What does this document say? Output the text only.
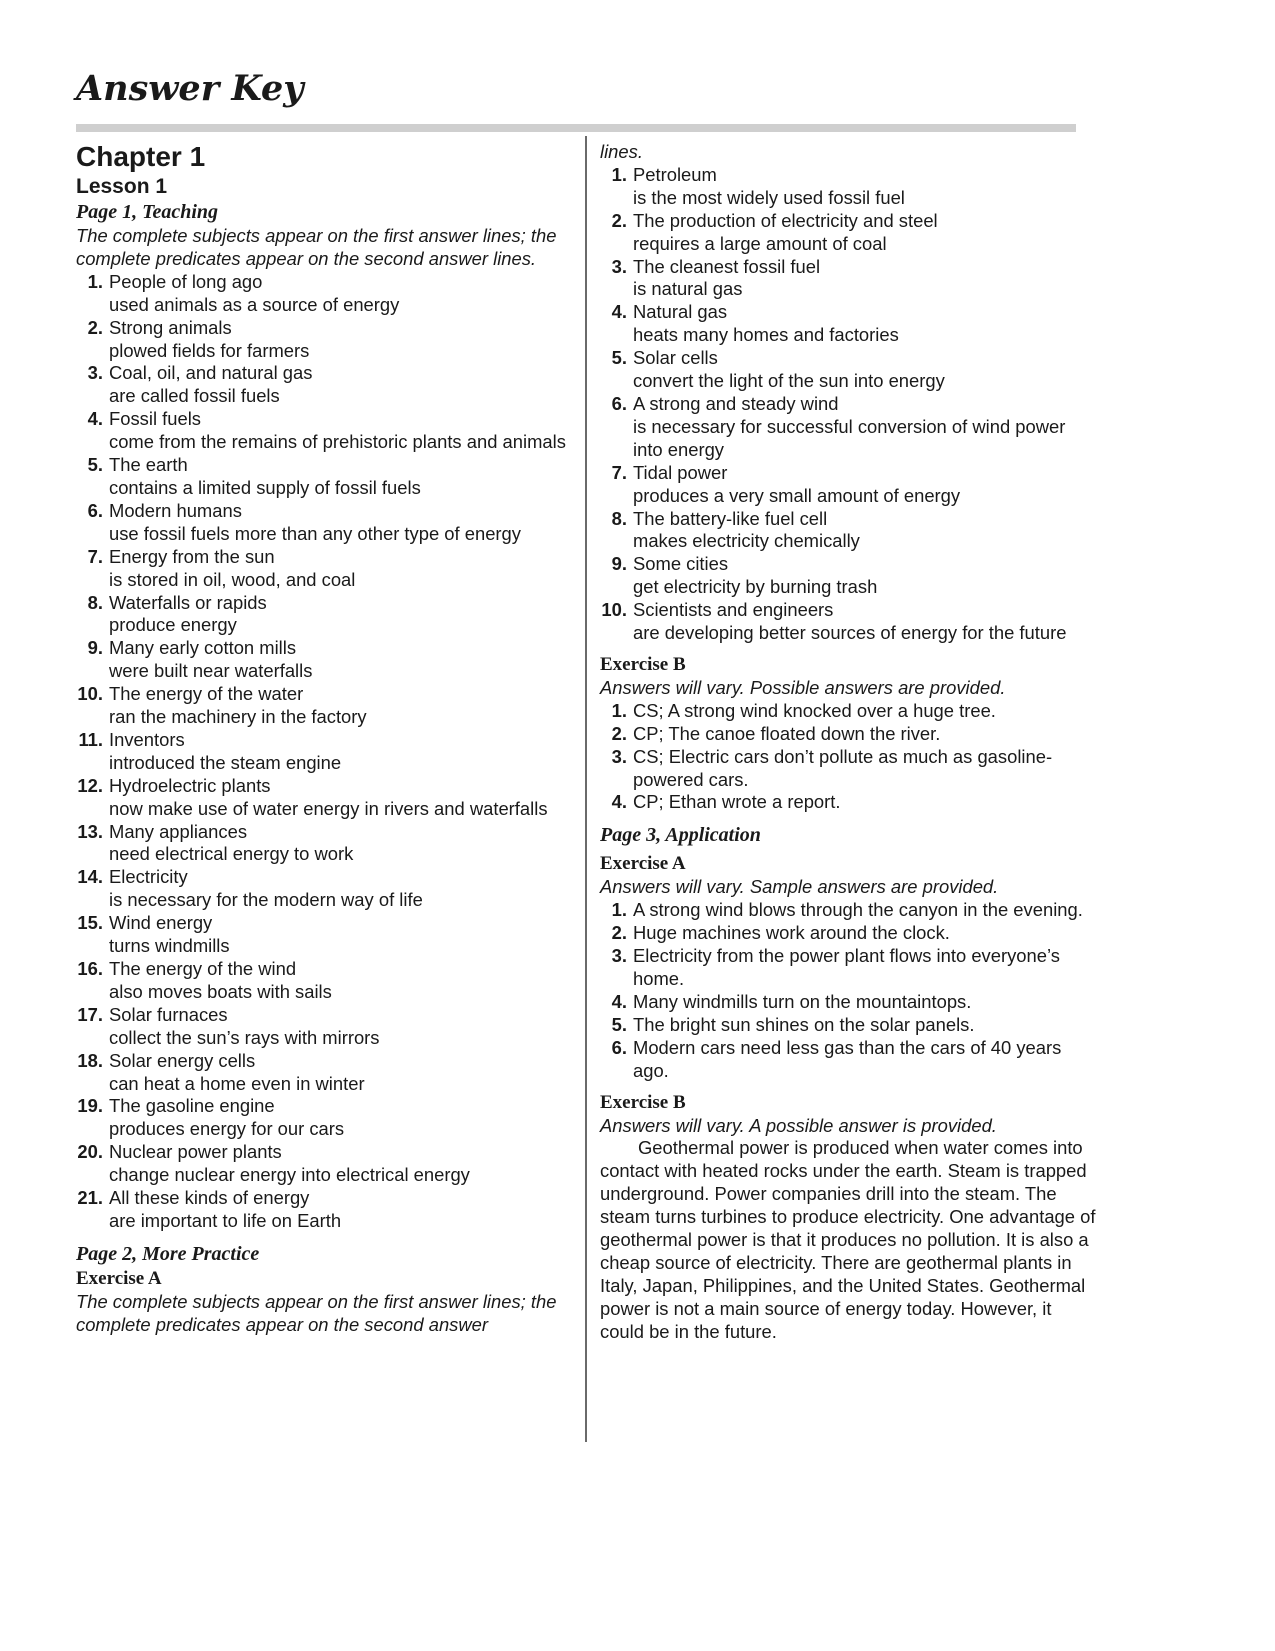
Answer Key
Chapter 1
Lesson 1
Page 1, Teaching

The complete subjects appear on the first answer lines; the complete predicates appear on the second answer lines.

1. People of long ago
used animals as a source of energy
2. Strong animals
plowed fields for farmers
3. Coal, oil, and natural gas
are called fossil fuels
4. Fossil fuels
come from the remains of prehistoric plants and animals
5. The earth
contains a limited supply of fossil fuels
6. Modern humans
use fossil fuels more than any other type of energy
7. Energy from the sun
is stored in oil, wood, and coal
8. Waterfalls or rapids
produce energy
9. Many early cotton mills
were built near waterfalls
10. The energy of the water
ran the machinery in the factory
11. Inventors
introduced the steam engine
12. Hydroelectric plants
now make use of water energy in rivers and waterfalls
13. Many appliances
need electrical energy to work
14. Electricity
is necessary for the modern way of life
15. Wind energy
turns windmills
16. The energy of the wind
also moves boats with sails
17. Solar furnaces
collect the sun’s rays with mirrors
18. Solar energy cells
can heat a home even in winter
19. The gasoline engine
produces energy for our cars
20. Nuclear power plants
change nuclear energy into electrical energy
21. All these kinds of energy
are important to life on Earth
Page 2, More Practice
Exercise A

The complete subjects appear on the first answer lines; the complete predicates appear on the second answer

lines.

1. Petroleum
is the most widely used fossil fuel
2. The production of electricity and steel
requires a large amount of coal
3. The cleanest fossil fuel
is natural gas
4. Natural gas
heats many homes and factories
5. Solar cells
convert the light of the sun into energy
6. A strong and steady wind
is necessary for successful conversion of wind power into energy
7. Tidal power
produces a very small amount of energy
8. The battery-like fuel cell
makes electricity chemically
9. Some cities
get electricity by burning trash
10. Scientists and engineers
are developing better sources of energy for the future
Exercise B

Answers will vary. Possible answers are provided.

1. CS; A strong wind knocked over a huge tree.
2. CP; The canoe floated down the river.
3. CS; Electric cars don’t pollute as much as gasoline-powered cars.
4. CP; Ethan wrote a report.
Page 3, Application
Exercise A

Answers will vary. Sample answers are provided.

1. A strong wind blows through the canyon in the evening.
2. Huge machines work around the clock.
3. Electricity from the power plant flows into everyone’s home.
4. Many windmills turn on the mountaintops.
5. The bright sun shines on the solar panels.
6. Modern cars need less gas than the cars of 40 years ago.
Exercise B

Answers will vary. A possible answer is provided.

Geothermal power is produced when water comes into contact with heated rocks under the earth. Steam is trapped underground. Power companies drill into the steam. The steam turns turbines to produce electricity. One advantage of geothermal power is that it produces no pollution. It is also a cheap source of electricity. There are geothermal plants in Italy, Japan, Philippines, and the United States. Geothermal power is not a main source of energy today. However, it could be in the future.
